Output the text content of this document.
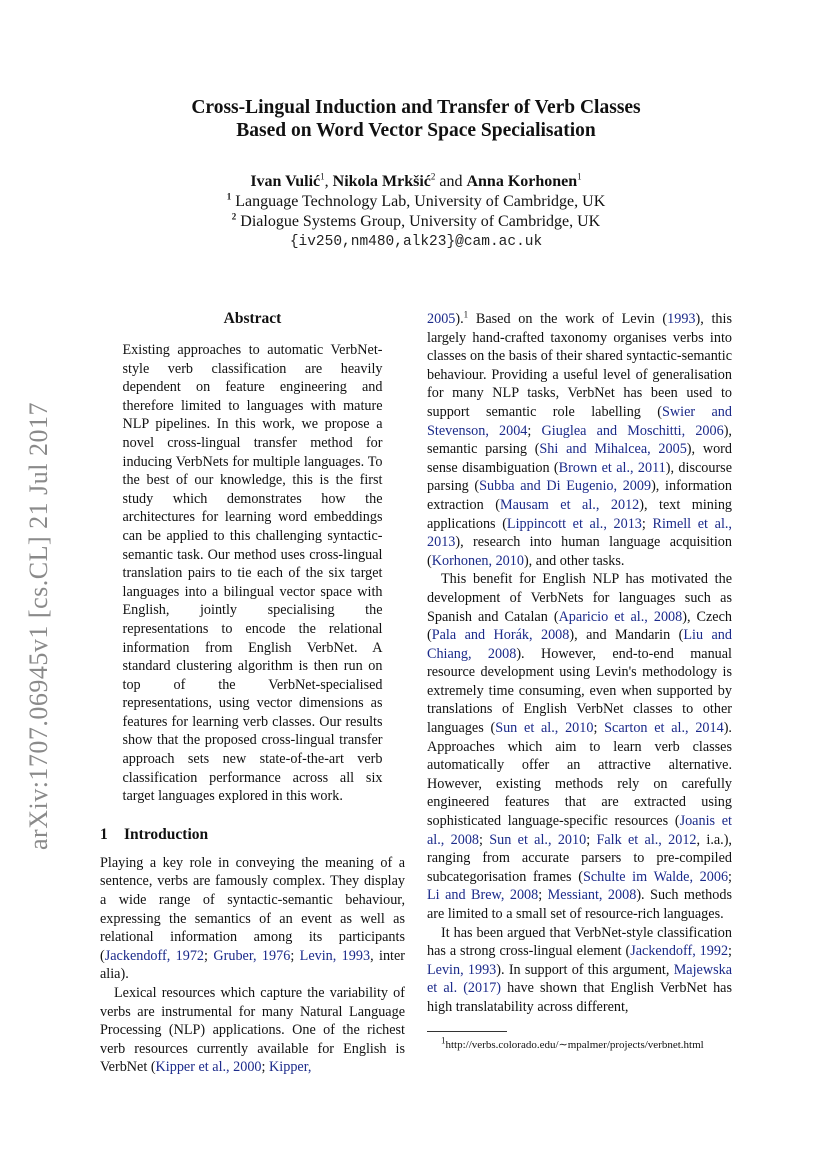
arXiv:1707.06945v1 [cs.CL] 21 Jul 2017
Cross-Lingual Induction and Transfer of Verb Classes
Based on Word Vector Space Specialisation
Ivan Vulić$^1$, Nikola Mrkšić$^2$ and Anna Korhonen$^1$
$^1$ Language Technology Lab, University of Cambridge, UK
$^2$ Dialogue Systems Group, University of Cambridge, UK
{iv250,nm480,alk23}@cam.ac.uk
Abstract

Existing approaches to automatic VerbNet-style verb classification are heavily dependent on feature engineering and therefore limited to languages with mature NLP pipelines. In this work, we propose a novel cross-lingual transfer method for inducing VerbNets for multiple languages. To the best of our knowledge, this is the first study which demonstrates how the architectures for learning word embeddings can be applied to this challenging syntactic-semantic task. Our method uses cross-lingual translation pairs to tie each of the six target languages into a bilingual vector space with English, jointly specialising the representations to encode the relational information from English VerbNet. A standard clustering algorithm is then run on top of the VerbNet-specialised representations, using vector dimensions as features for learning verb classes. Our results show that the proposed cross-lingual transfer approach sets new state-of-the-art verb classification performance across all six target languages explored in this work.

1 Introduction

Playing a key role in conveying the meaning of a sentence, verbs are famously complex. They display a wide range of syntactic-semantic behaviour, expressing the semantics of an event as well as relational information among its participants (Jackendoff, 1972; Gruber, 1976; Levin, 1993, inter alia).

Lexical resources which capture the variability of verbs are instrumental for many Natural Language Processing (NLP) applications. One of the richest verb resources currently available for English is VerbNet (Kipper et al., 2000; Kipper,

2005).$^1$ Based on the work of Levin (1993), this largely hand-crafted taxonomy organises verbs into classes on the basis of their shared syntactic-semantic behaviour. Providing a useful level of generalisation for many NLP tasks, VerbNet has been used to support semantic role labelling (Swier and Stevenson, 2004; Giuglea and Moschitti, 2006), semantic parsing (Shi and Mihalcea, 2005), word sense disambiguation (Brown et al., 2011), discourse parsing (Subba and Di Eugenio, 2009), information extraction (Mausam et al., 2012), text mining applications (Lippincott et al., 2013; Rimell et al., 2013), research into human language acquisition (Korhonen, 2010), and other tasks.

This benefit for English NLP has motivated the development of VerbNets for languages such as Spanish and Catalan (Aparicio et al., 2008), Czech (Pala and Horák, 2008), and Mandarin (Liu and Chiang, 2008). However, end-to-end manual resource development using Levin's methodology is extremely time consuming, even when supported by translations of English VerbNet classes to other languages (Sun et al., 2010; Scarton et al., 2014). Approaches which aim to learn verb classes automatically offer an attractive alternative. However, existing methods rely on carefully engineered features that are extracted using sophisticated language-specific resources (Joanis et al., 2008; Sun et al., 2010; Falk et al., 2012, i.a.), ranging from accurate parsers to pre-compiled subcategorisation frames (Schulte im Walde, 2006; Li and Brew, 2008; Messiant, 2008). Such methods are limited to a small set of resource-rich languages.

It has been argued that VerbNet-style classification has a strong cross-lingual element (Jackendoff, 1992; Levin, 1993). In support of this argument, Majewska et al. (2017) have shown that English VerbNet has high translatability across different,

$^1$http://verbs.colorado.edu/∼mpalmer/projects/verbnet.html
